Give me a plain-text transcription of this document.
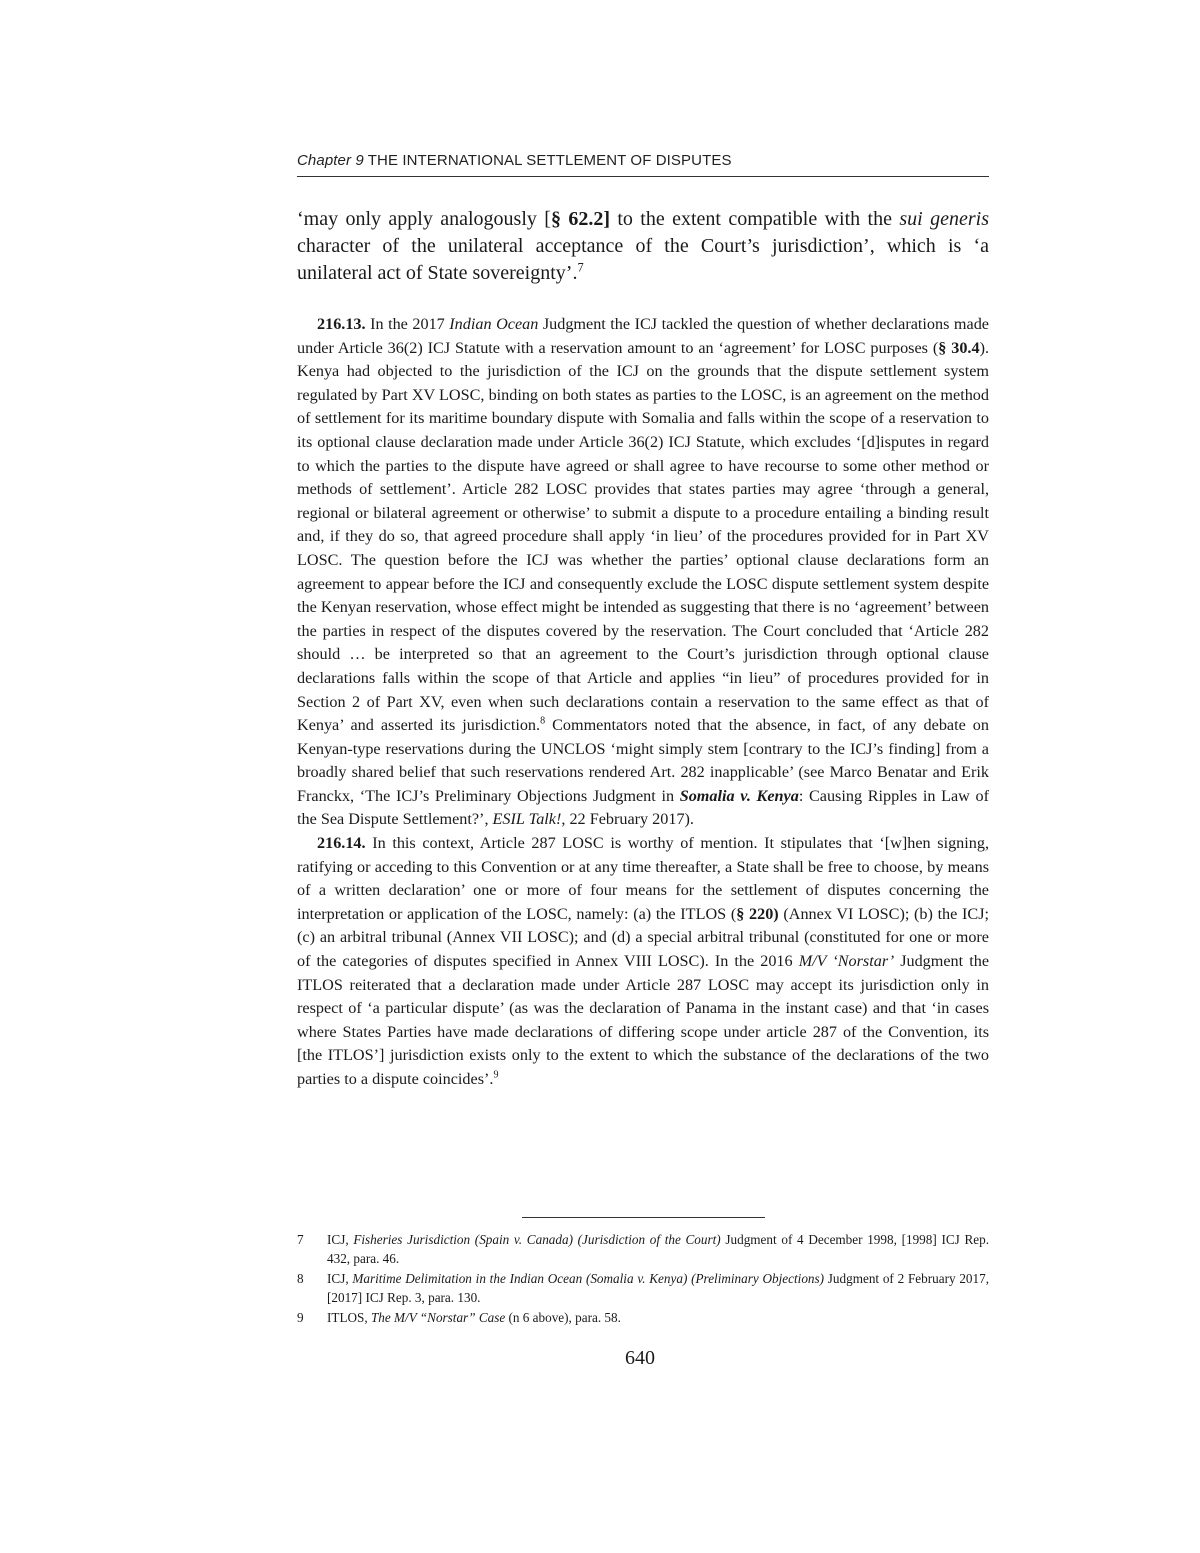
Chapter 9 THE INTERNATIONAL SETTLEMENT OF DISPUTES

‘may only apply analogously [§ 62.2] to the extent compatible with the sui generis character of the unilateral acceptance of the Court’s jurisdiction’, which is ‘a unilateral act of State sovereignty’.$^7$

216.13. In the 2017 Indian Ocean Judgment the ICJ tackled the question of whether declarations made under Article 36(2) ICJ Statute with a reservation amount to an ‘agreement’ for LOSC purposes (§ 30.4). Kenya had objected to the jurisdiction of the ICJ on the grounds that the dispute settlement system regulated by Part XV LOSC, binding on both states as parties to the LOSC, is an agreement on the method of settlement for its maritime boundary dispute with Somalia and falls within the scope of a reservation to its optional clause declaration made under Article 36(2) ICJ Statute, which excludes ‘[d]isputes in regard to which the parties to the dispute have agreed or shall agree to have recourse to some other method or methods of settlement’. Article 282 LOSC provides that states parties may agree ‘through a general, regional or bilateral agreement or otherwise’ to submit a dispute to a procedure entailing a binding result and, if they do so, that agreed procedure shall apply ‘in lieu’ of the procedures provided for in Part XV LOSC. The question before the ICJ was whether the parties’ optional clause declarations form an agreement to appear before the ICJ and consequently exclude the LOSC dispute settlement system despite the Kenyan reservation, whose effect might be intended as suggesting that there is no ‘agreement’ between the parties in respect of the disputes covered by the reservation. The Court concluded that ‘Article 282 should … be interpreted so that an agreement to the Court’s jurisdiction through optional clause declarations falls within the scope of that Article and applies “in lieu” of procedures provided for in Section 2 of Part XV, even when such declarations contain a reservation to the same effect as that of Kenya’ and asserted its jurisdiction.$^8$ Commentators noted that the absence, in fact, of any debate on Kenyan-type reservations during the UNCLOS ‘might simply stem [contrary to the ICJ’s finding] from a broadly shared belief that such reservations rendered Art. 282 inapplicable’ (see Marco Benatar and Erik Franckx, ‘The ICJ’s Preliminary Objections Judgment in Somalia v. Kenya: Causing Ripples in Law of the Sea Dispute Settlement?’, ESIL Talk!, 22 February 2017).

216.14. In this context, Article 287 LOSC is worthy of mention. It stipulates that ‘[w]hen signing, ratifying or acceding to this Convention or at any time thereafter, a State shall be free to choose, by means of a written declaration’ one or more of four means for the settlement of disputes concerning the interpretation or application of the LOSC, namely: (a) the ITLOS (§ 220) (Annex VI LOSC); (b) the ICJ; (c) an arbitral tribunal (Annex VII LOSC); and (d) a special arbitral tribunal (constituted for one or more of the categories of disputes specified in Annex VIII LOSC). In the 2016 M/V ‘Norstar’ Judgment the ITLOS reiterated that a declaration made under Article 287 LOSC may accept its jurisdiction only in respect of ‘a particular dispute’ (as was the declaration of Panama in the instant case) and that ‘in cases where States Parties have made declarations of differing scope under article 287 of the Convention, its [the ITLOS’] jurisdiction exists only to the extent to which the substance of the declarations of the two parties to a dispute coincides’.$^9$

7	ICJ, Fisheries Jurisdiction (Spain v. Canada) (Jurisdiction of the Court) Judgment of 4 December 1998, [1998] ICJ Rep. 432, para. 46.
8	ICJ, Maritime Delimitation in the Indian Ocean (Somalia v. Kenya) (Preliminary Objections) Judgment of 2 February 2017, [2017] ICJ Rep. 3, para. 130.
9	ITLOS, The M/V “Norstar” Case (n 6 above), para. 58.
640
